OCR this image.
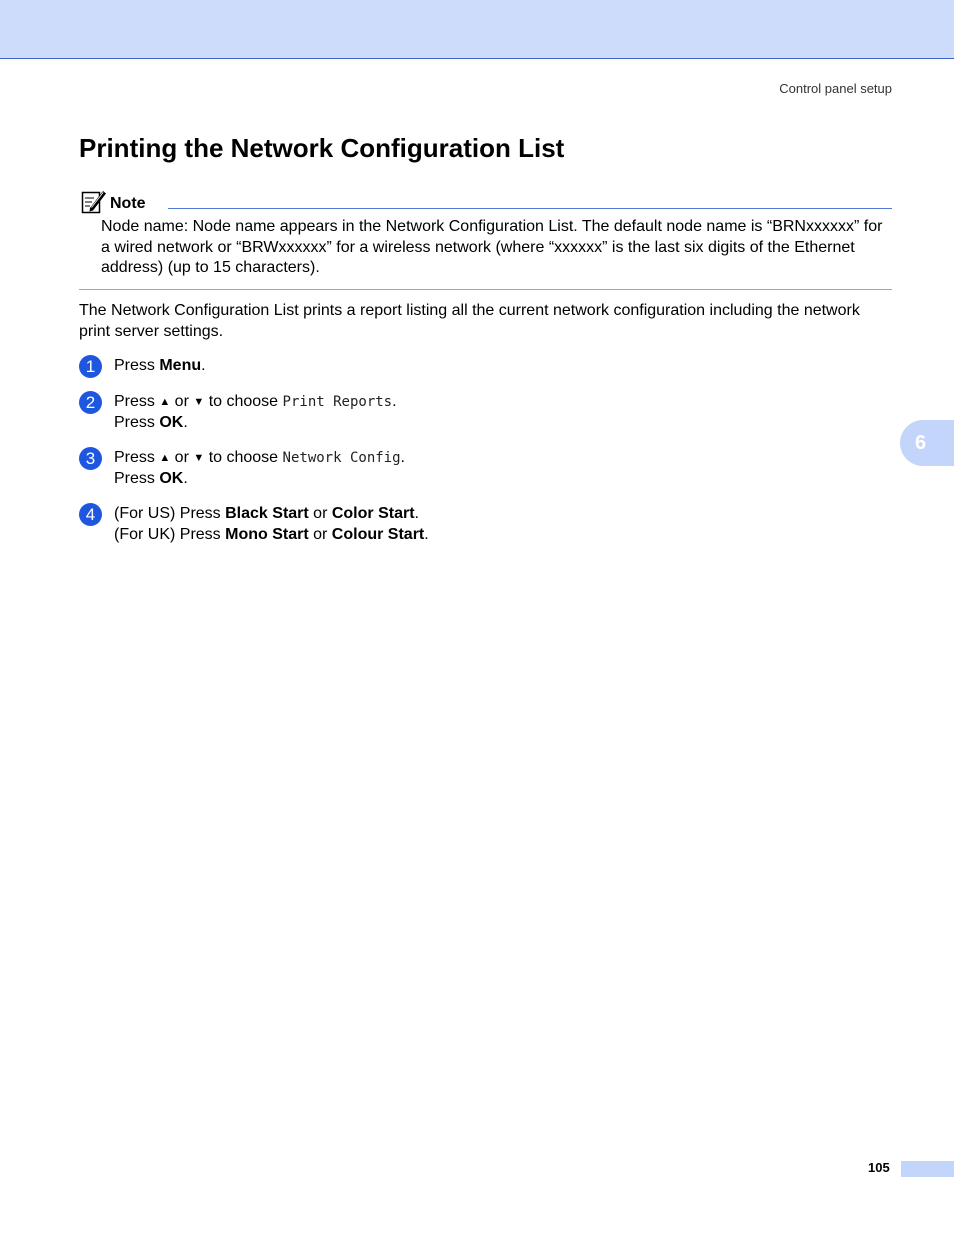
Control panel setup
Printing the Network Configuration List
Note

Node name: Node name appears in the Network Configuration List. The default node name is “BRNxxxxxx” for a wired network or “BRWxxxxxx” for a wireless network (where “xxxxxx” is the last six digits of the Ethernet address) (up to 15 characters).

The Network Configuration List prints a report listing all the current network configuration including the network print server settings.

1	Press Menu.
2	Press ▲ or ▼ to choose Print Reports.
Press OK.
3	Press ▲ or ▼ to choose Network Config.
Press OK.
4	(For US) Press Black Start or Color Start.
(For UK) Press Mono Start or Colour Start.
6
105
